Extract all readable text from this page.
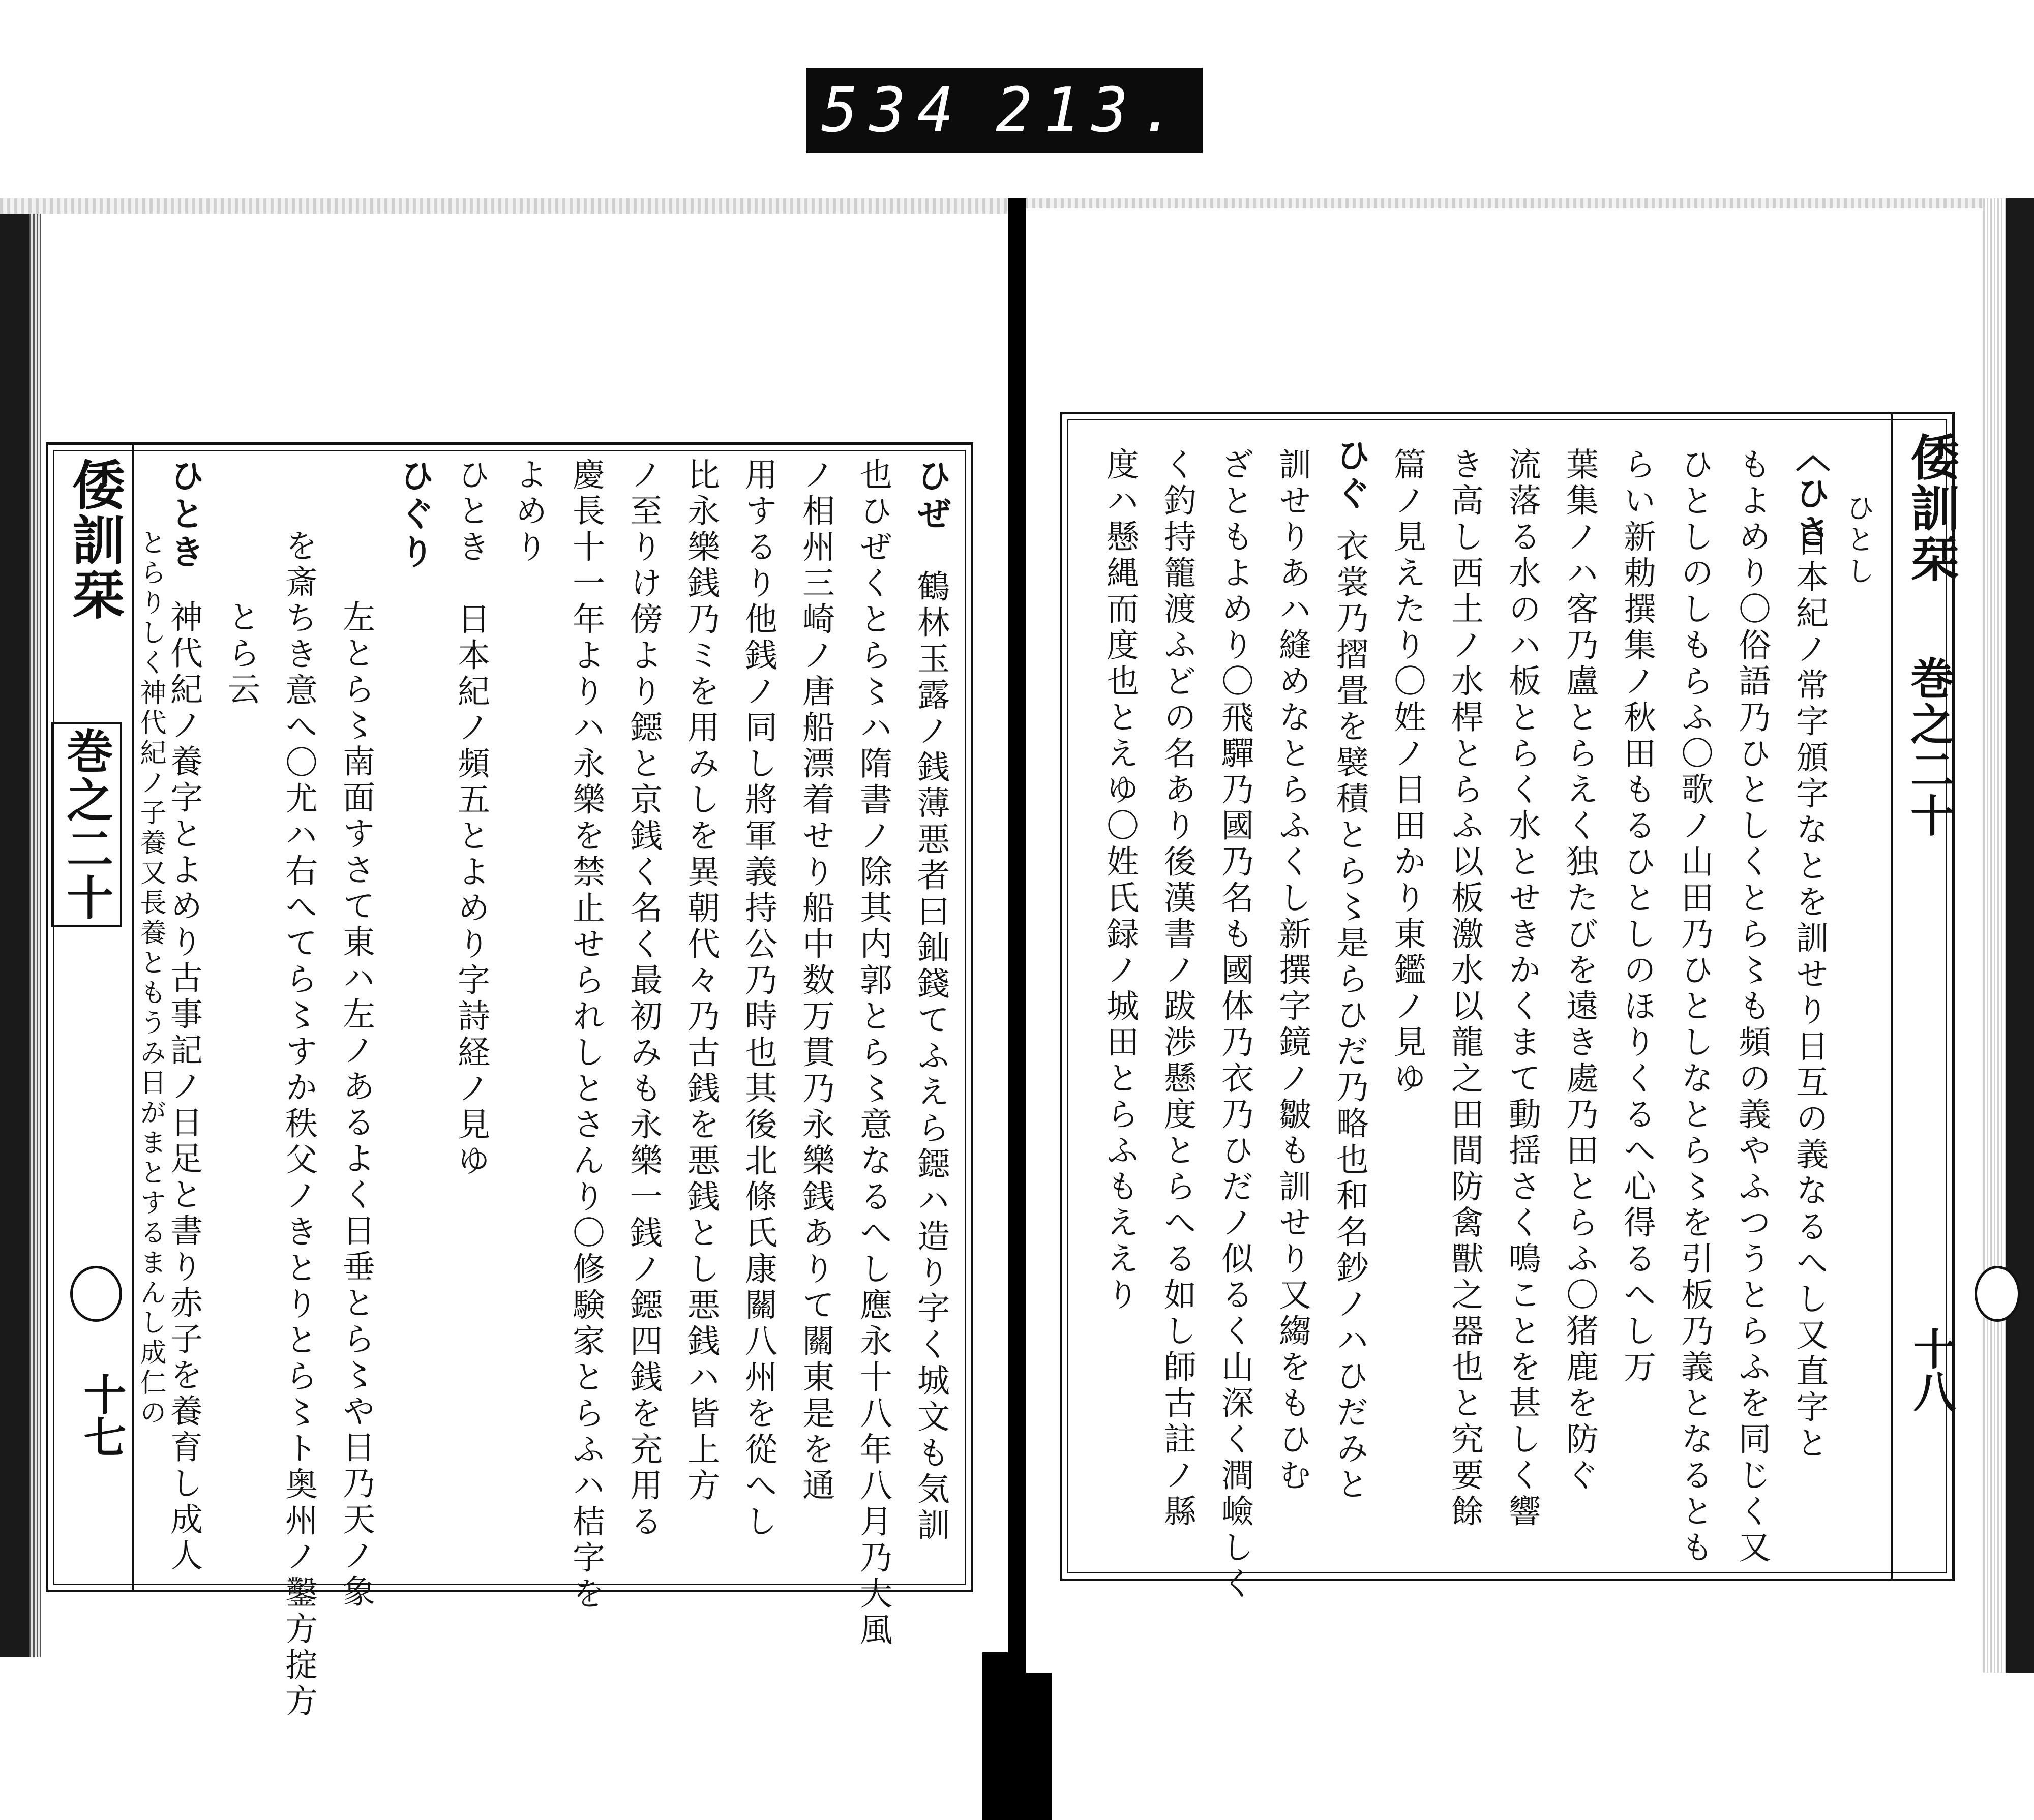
534 213.
倭訓栞
巻之二十
十七
ひぜ
鶴林玉露ノ銭薄悪者曰𨥉錢てふえら鐚ハ造り字く城文も気訓
也ひぜくとら〻ハ隋書ノ除其内郭とら〻意なるへし應永十八年八月乃大風
ノ相州三崎ノ唐船漂着せり船中数万貫乃永樂銭ありて關東是を通
用するり他銭ノ同し將軍義持公乃時也其後北條氏康關八州を從へし
比永樂銭乃ミを用みしを異朝代々乃古銭を悪銭とし悪銭ハ皆上方
ノ至りけ傍より鐚と京銭く名く最初みも永樂一銭ノ鐚四銭を充用る
慶長十一年よりハ永樂を禁止せられしとさんり〇修験家とらふハ桔字を
よめり
ひとき　日本紀ノ頻五とよめり字詩経ノ見ゆ
ひぐり
左とら〻南面すさて東ハ左ノあるよく日垂とら〻や日乃天ノ象
を斎ちき意へ〇尤ハ右へてら〻すか秩父ノきとりとら〻ト奥州ノ鑿方掟方
とら云
ひとき
神代紀ノ養字とよめり古事記ノ日足と書り赤子を養育し成人
とらりしく神代紀ノ子養又長養ともうみ日がまとするまんし成仁の
倭訓栞
巻之二十
十八
ひとし
〈ひさ
日本紀ノ常字頒字なとを訓せり日互の義なるへし又直字と
もよめり〇俗語乃ひとしくとら〻も頻の義やふつうとらふを同じく又
ひとしのしもらふ〇歌ノ山田乃ひとしなとら〻を引板乃義となるとも
らい新勅撰集ノ秋田もるひとしのほりくるへ心得るへし万
葉集ノハ客乃盧とらえく独たびを遠き處乃田とらふ〇猪鹿を防ぐ
流落る水のハ板とらく水とせきかくまて動揺さく鳴ことを甚しく響
き高し西土ノ水桿とらふ以板激水以龍之田間防禽獸之器也と究要餘
篇ノ見えたり〇姓ノ日田かり東鑑ノ見ゆ
ひぐ
衣裳乃摺畳を襞積とら〻是らひだ乃略也和名鈔ノハひだみと
訓せりあハ縫めなとらふくし新撰字鏡ノ皺も訓せり又縐をもひむ
ざともよめり〇飛驒乃國乃名も國体乃衣乃ひだノ似るく山深く澗嶮しく
く釣持籠渡ふどの名あり後漢書ノ跋渉懸度とらへる如し師古註ノ縣
度ハ懸縄而度也とえゆ〇姓氏録ノ城田とらふもええり
